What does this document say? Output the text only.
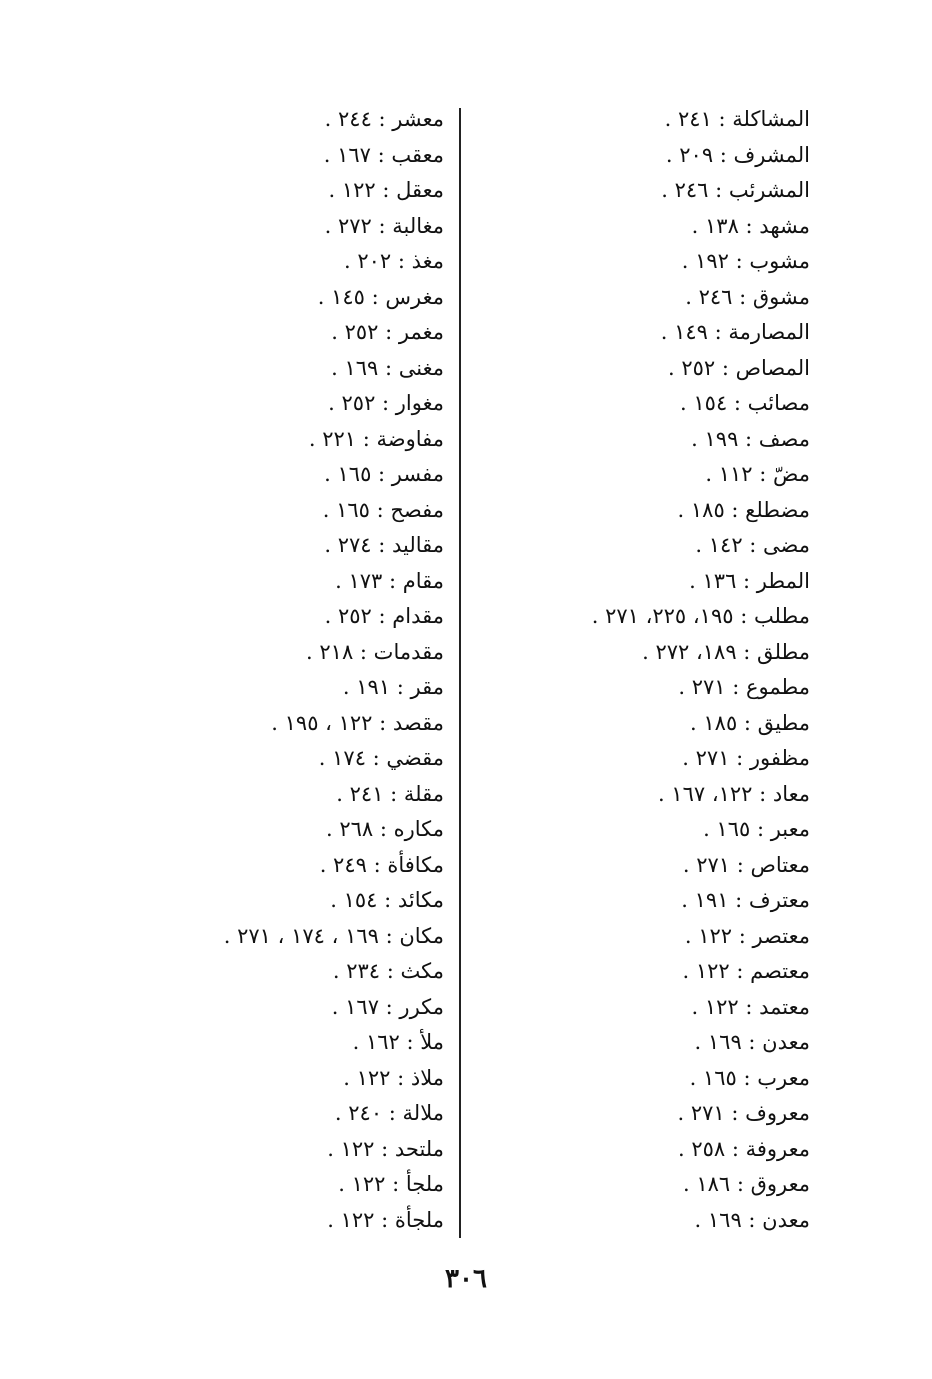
المشاكلة : ٢٤١ .
المشرف : ٢٠٩ .
المشرئب : ٢٤٦ .
مشهد : ١٣٨ .
مشوب : ١٩٢ .
مشوق : ٢٤٦ .
المصارمة : ١٤٩ .
المصاص : ٢٥٢ .
مصائب : ١٥٤ .
مصف : ١٩٩ .
مضّ : ١١٢ .
مضطلع : ١٨٥ .
مضى : ١٤٢ .
المطر : ١٣٦ .
مطلب : ١٩٥، ٢٢٥، ٢٧١ .
مطلق : ١٨٩، ٢٧٢ .
مطموع : ٢٧١ .
مطيق : ١٨٥ .
مظفور : ٢٧١ .
معاد : ١٢٢، ١٦٧ .
معبر : ١٦٥ .
معتاص : ٢٧١ .
معترف : ١٩١ .
معتصر : ١٢٢ .
معتصم : ١٢٢ .
معتمد : ١٢٢ .
معدن : ١٦٩ .
معرب : ١٦٥ .
معروف : ٢٧١ .
معروفة : ٢٥٨ .
معروق : ١٨٦ .
معدن : ١٦٩ .
معشر : ٢٤٤ .
معقب : ١٦٧ .
معقل : ١٢٢ .
مغالبة : ٢٧٢ .
مغذ : ٢٠٢ .
مغرس : ١٤٥ .
مغمر : ٢٥٢ .
مغنى : ١٦٩ .
مغوار : ٢٥٢ .
مفاوضة : ٢٢١ .
مفسر : ١٦٥ .
مفصح : ١٦٥ .
مقاليد : ٢٧٤ .
مقام : ١٧٣ .
مقدام : ٢٥٢ .
مقدمات : ٢١٨ .
مقر : ١٩١ .
مقصد : ١٢٢ ، ١٩٥ .
مقضي : ١٧٤ .
مقلة : ٢٤١ .
مكاره : ٢٦٨ .
مكافأة : ٢٤٩ .
مكائد : ١٥٤ .
مكان : ١٦٩ ، ١٧٤ ، ٢٧١ .
مكث : ٢٣٤ .
مكرر : ١٦٧ .
ملأ : ١٦٢ .
ملاذ : ١٢٢ .
ملالة : ٢٤٠ .
ملتحد : ١٢٢ .
ملجأ : ١٢٢ .
ملجأة : ١٢٢ .
٣٠٦
